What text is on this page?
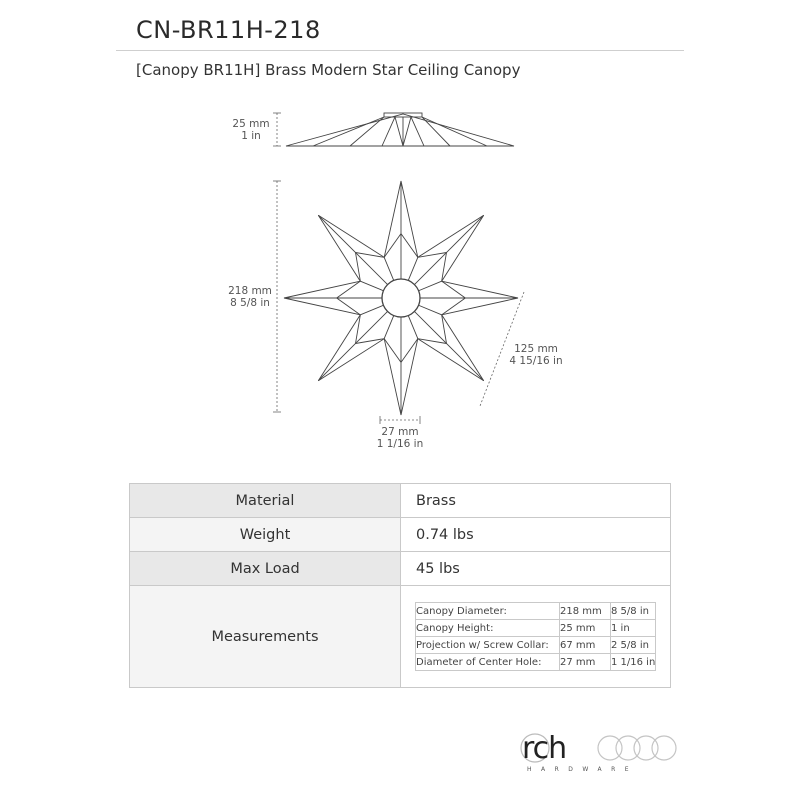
CN-BR11H-218
[Canopy BR11H] Brass Modern Star Ceiling Canopy
25 mm
1 in
218 mm
8 5/8 in
125 mm
4 15/16 in
27 mm
1 1/16 in
Material	Brass
Weight	0.74 lbs
Max Load	45 lbs
Measurements	
Canopy Diameter:	218 mm	8 5/8 in
Canopy Height:	25 mm	1 in
Projection w/ Screw Collar:	67 mm	2 5/8 in
Diameter of Center Hole:	27 mm	1 1/16 in
rch
HARDWARE
